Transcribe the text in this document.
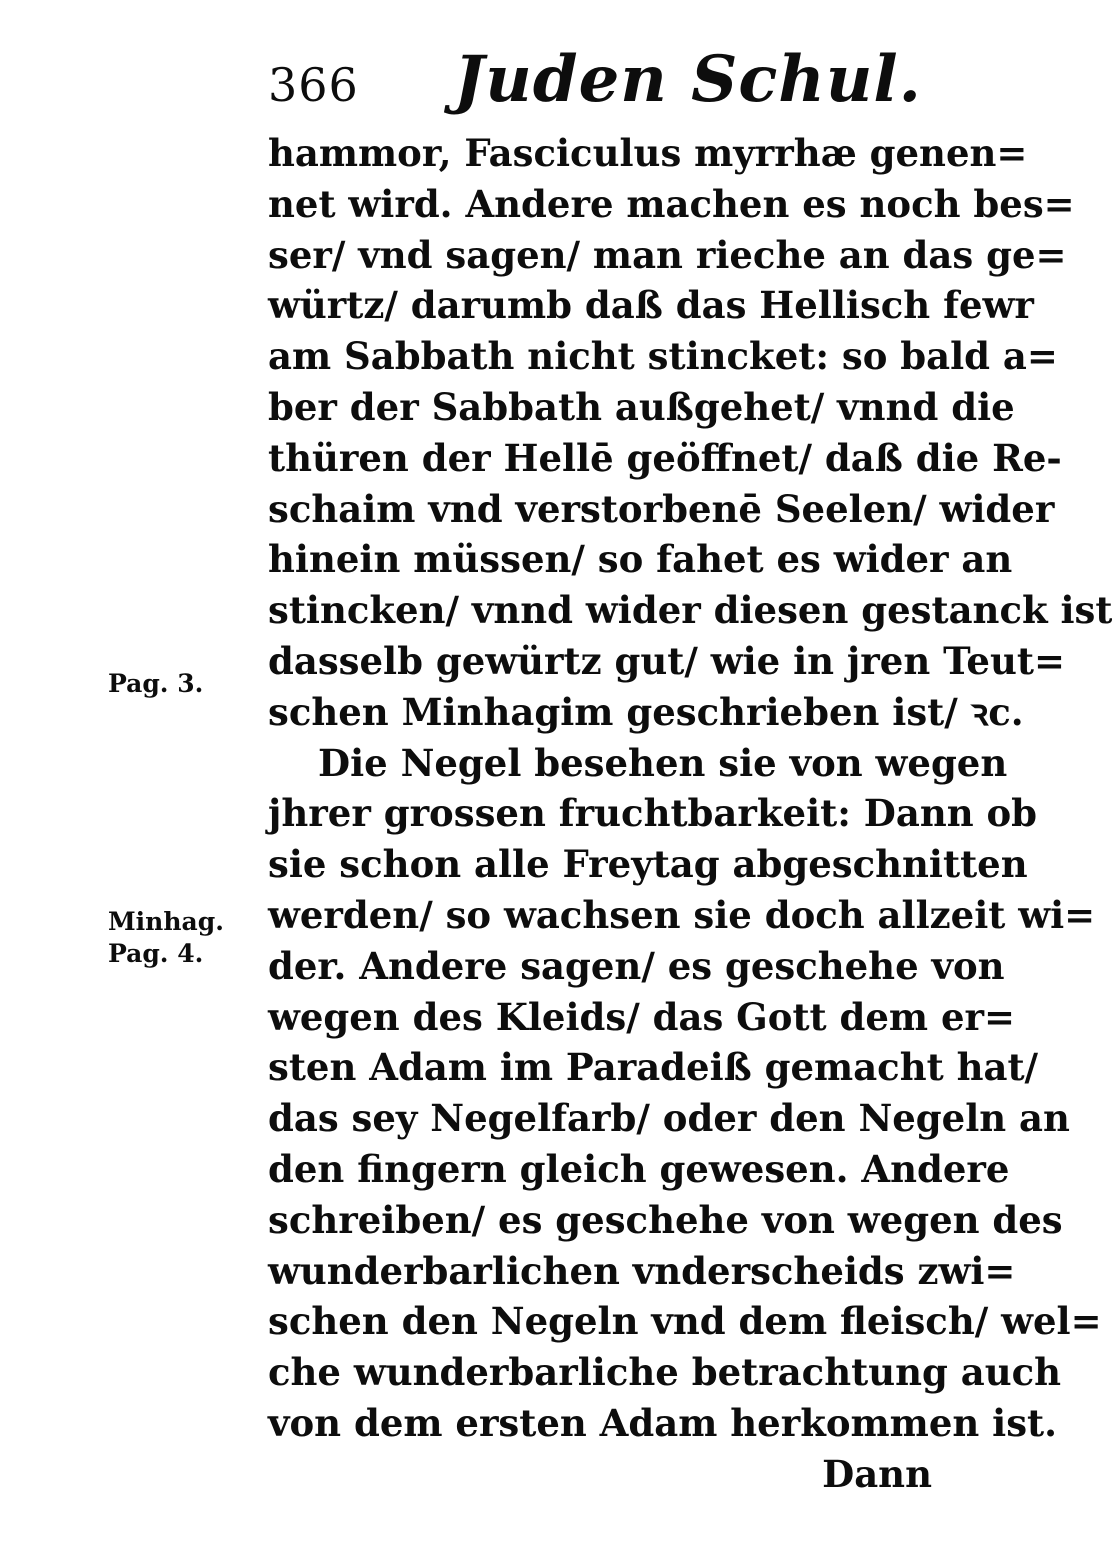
366 Juden Schul.
Pag. 3.
Minhag.
Pag. 4.
hammor, Fasciculus myrrhæ genen=
net wird. Andere machen es noch bes=
ser/ vnd sagen/ man rieche an das ge=
würtz/ darumb daß das Hellisch fewr
am Sabbath nicht stincket: so bald a=
ber der Sabbath außgehet/ vnnd die
thüren der Hellē geöffnet/ daß die Re-
schaim vnd verstorbenē Seelen/ wider
hinein müssen/ so fahet es wider an
stincken/ vnnd wider diesen gestanck ist
dasselb gewürtz gut/ wie in jren Teut=
schen Minhagim geschrieben ist/ ꝛc.
Die Negel besehen sie von wegen
jhrer grossen fruchtbarkeit: Dann ob
sie schon alle Freytag abgeschnitten
werden/ so wachsen sie doch allzeit wi=
der. Andere sagen/ es geschehe von
wegen des Kleids/ das Gott dem er=
sten Adam im Paradeiß gemacht hat/
das sey Negelfarb/ oder den Negeln an
den fingern gleich gewesen. Andere
schreiben/ es geschehe von wegen des
wunderbarlichen vnderscheids zwi=
schen den Negeln vnd dem fleisch/ wel=
che wunderbarliche betrachtung auch
von dem ersten Adam herkommen ist.
Dann
